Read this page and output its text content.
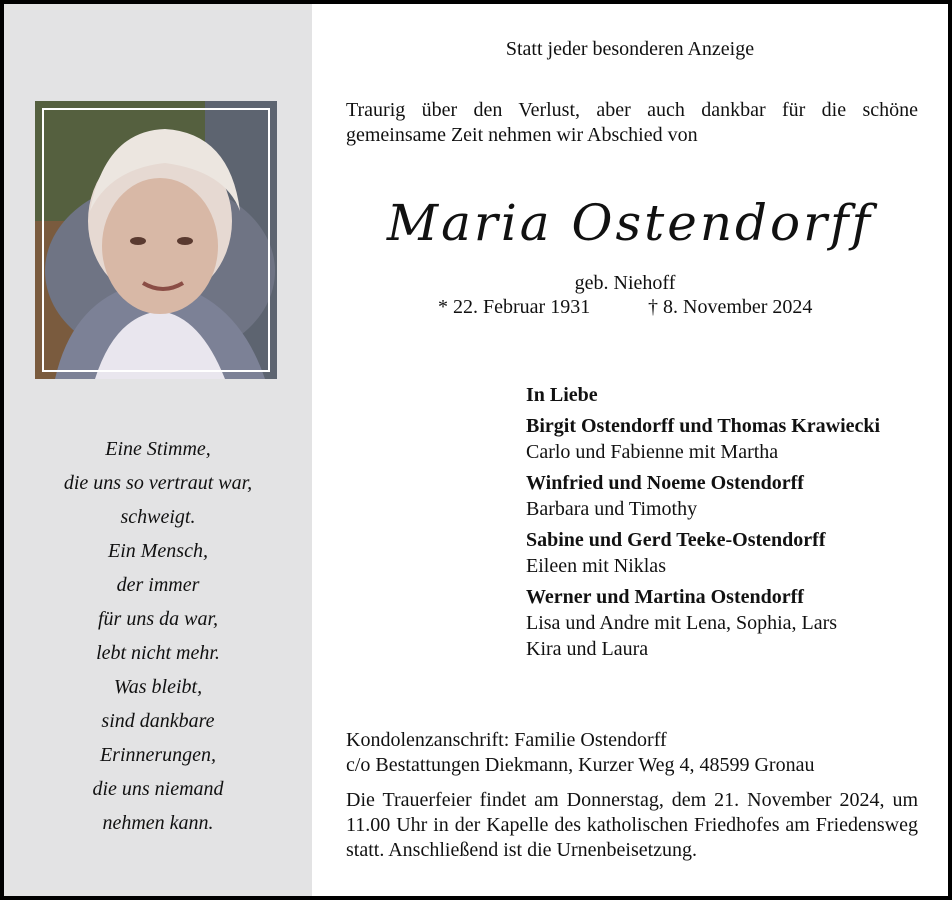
Eine Stimme,
die uns so vertraut war,
schweigt.
Ein Mensch,
der immer
für uns da war,
lebt nicht mehr.
Was bleibt,
sind dankbare
Erinnerungen,
die uns niemand
nehmen kann.
Statt jeder besonderen Anzeige
Traurig über den Verlust, aber auch dankbar für die schöne gemeinsame Zeit nehmen wir Abschied von
Maria Ostendorff
geb. Niehoff
* 22. Februar 1931	† 8. November 2024
In Liebe
Birgit Ostendorff und Thomas Krawiecki
Carlo und Fabienne mit Martha
Winfried und Noeme Ostendorff
Barbara und Timothy
Sabine und Gerd Teeke-Ostendorff
Eileen mit Niklas
Werner und Martina Ostendorff
Lisa und Andre mit Lena, Sophia, Lars
Kira und Laura
Kondolenzanschrift: Familie Ostendorff
c/o Bestattungen Diekmann, Kurzer Weg 4, 48599 Gronau
Die Trauerfeier findet am Donnerstag, dem 21. November 2024, um 11.00 Uhr in der Kapelle des katholischen Friedhofes am Friedensweg statt. Anschließend ist die Urnenbeisetzung.
